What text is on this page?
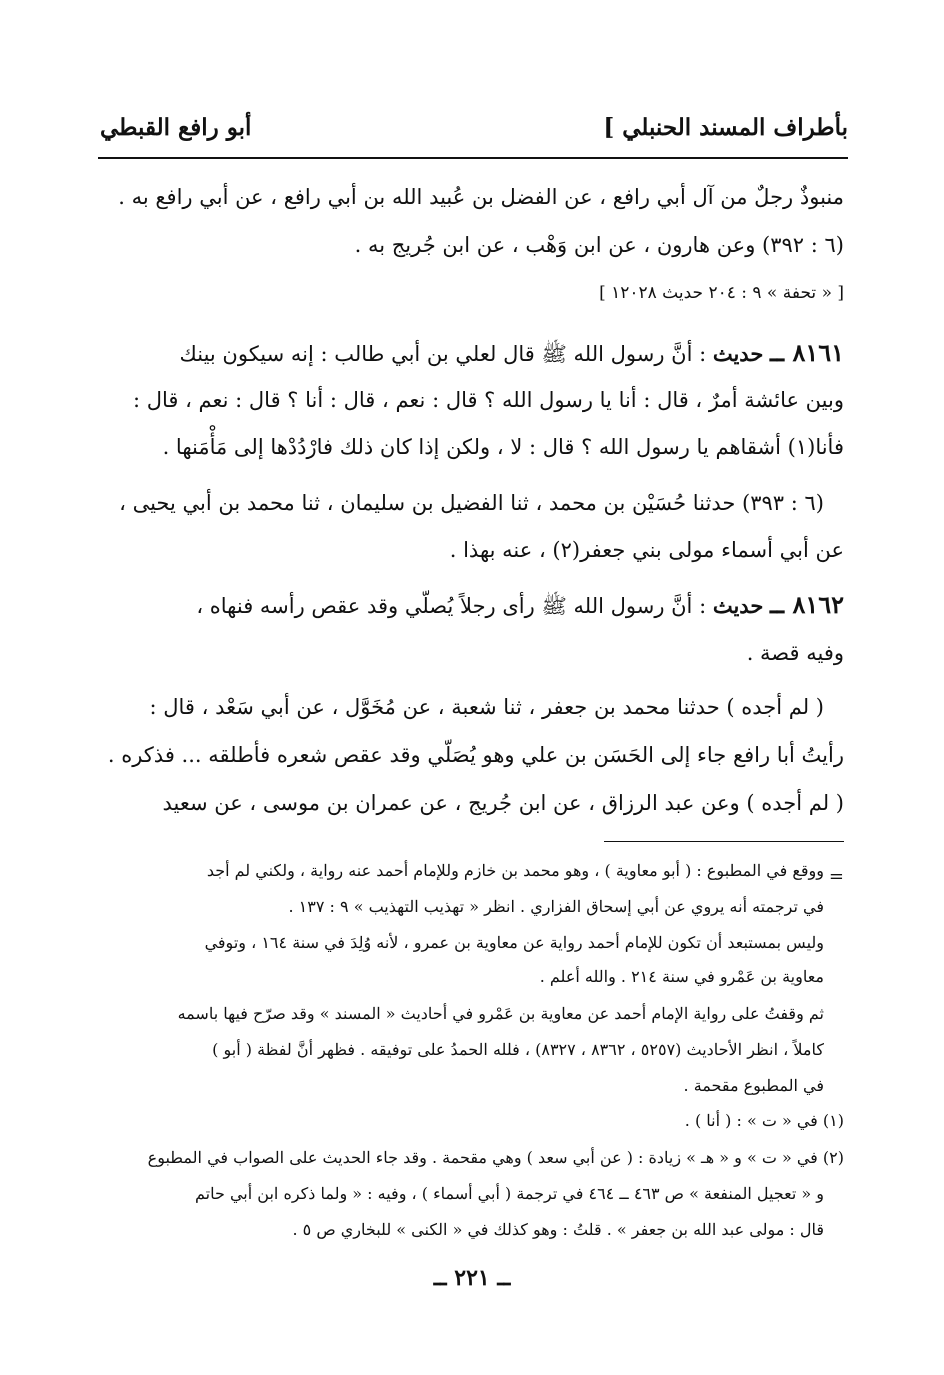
بأطراف المسند الحنبلي ]
أبو رافع القبطي
منبوذٌ رجلٌ من آل أبي رافع ، عن الفضل بن عُبيد الله بن أبي رافع ، عن أبي رافع به .
(٦ : ٣٩٢) وعن هارون ، عن ابن وَهْب ، عن ابن جُريج به .
[ « تحفة » ٩ : ٢٠٤ حديث ١٢٠٢٨ ]
٨١٦١ ــ حديث : أنَّ رسول الله ﷺ قال لعلي بن أبي طالب : إنه سيكون بينك
وبين عائشة أمرٌ ، قال : أنا يا رسول الله ؟ قال : نعم ، قال : أنا ؟ قال : نعم ، قال :
فأنا(١) أشقاهم يا رسول الله ؟ قال : لا ، ولكن إذا كان ذلك فارْدُدْها إلى مَأْمَنها .
(٦ : ٣٩٣) حدثنا حُسَيْن بن محمد ، ثنا الفضيل بن سليمان ، ثنا محمد بن أبي يحيى ،
عن أبي أسماء مولى بني جعفر(٢) ، عنه بهذا .
٨١٦٢ ــ حديث : أنَّ رسول الله ﷺ رأى رجلاً يُصلّي وقد عقص رأسه فنهاه ،
وفيه قصة .
( لم أجده ) حدثنا محمد بن جعفر ، ثنا شعبة ، عن مُخَوَّل ، عن أبي سَعْد ، قال :
رأيتُ أبا رافع جاء إلى الحَسَن بن علي وهو يُصَلّي وقد عقص شعره فأطلقه ... فذكره .
( لم أجده ) وعن عبد الرزاق ، عن ابن جُريج ، عن عمران بن موسى ، عن سعيد
=
ووقع في المطبوع : ( أبو معاوية ) ، وهو محمد بن خازم وللإمام أحمد عنه رواية ، ولكني لم أجد
في ترجمته أنه يروي عن أبي إسحاق الفزاري . انظر « تهذيب التهذيب » ٩ : ١٣٧ .
وليس بمستبعد أن تكون للإمام أحمد رواية عن معاوية بن عمرو ، لأنه وُلِدَ في سنة ١٦٤ ، وتوفي
معاوية بن عَمْرو في سنة ٢١٤ . والله أعلم .
ثم وقفتُ على رواية الإمام أحمد عن معاوية بن عَمْرو في أحاديث « المسند » وقد صرّح فيها باسمه
كاملاً ، انظر الأحاديث (٥٢٥٧ ، ٨٣٦٢ ، ٨٣٢٧) ، فلله الحمدُ على توفيقه . فظهر أنَّ لفظة ( أبو )
في المطبوع مقحمة .
(١) في « ت » : ( أنا ) .
(٢) في « ت » و « هـ » زيادة : ( عن أبي سعد ) وهي مقحمة . وقد جاء الحديث على الصواب في المطبوع
و « تعجيل المنفعة » ص ٤٦٣ ــ ٤٦٤ في ترجمة ( أبي أسماء ) ، وفيه : « ولما ذكره ابن أبي حاتم
قال : مولى عبد الله بن جعفر » . قلتُ : وهو كذلك في « الكنى » للبخاري ص ٥ .
ــ ٢٢١ ــ
